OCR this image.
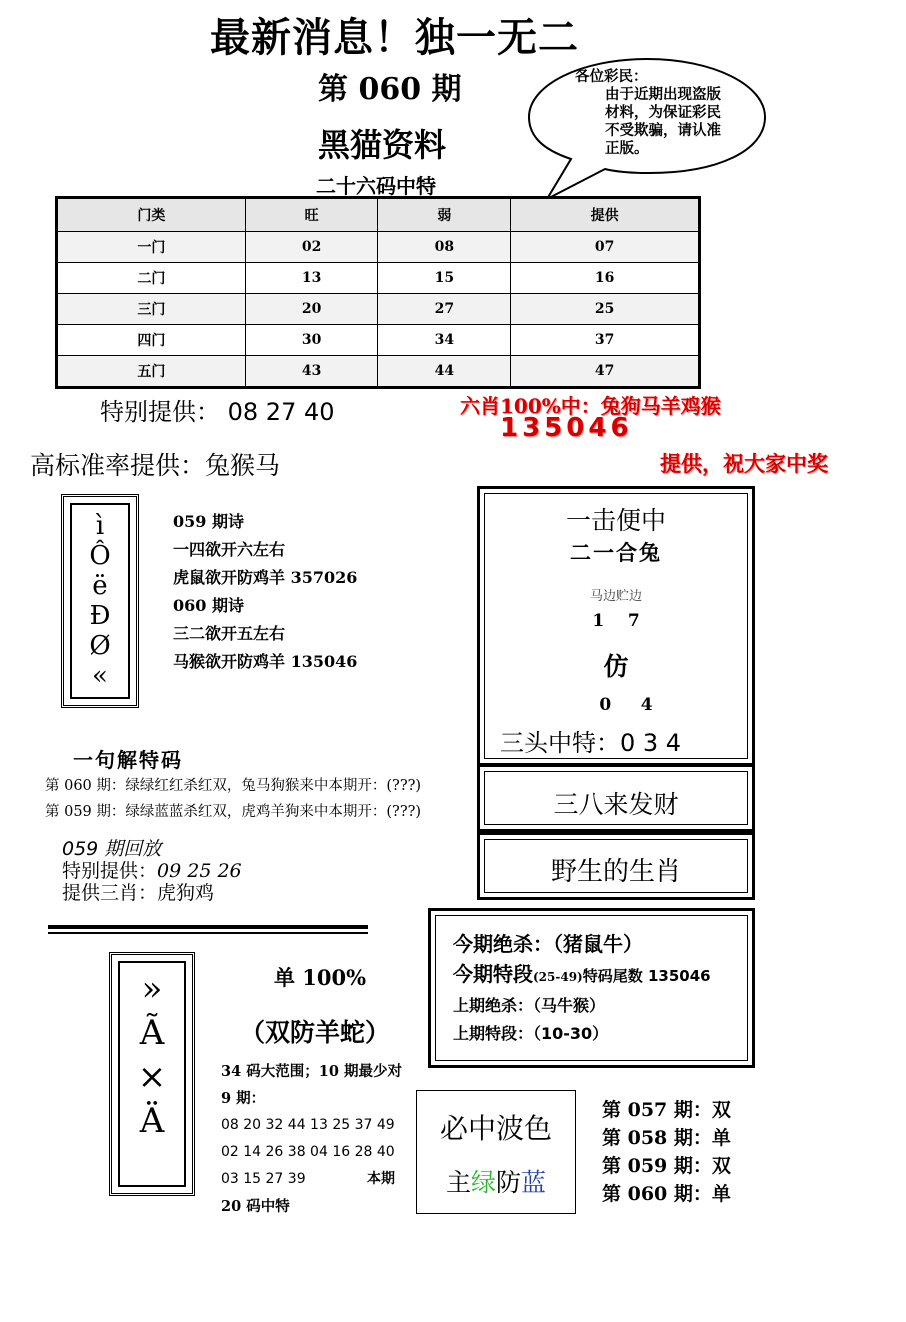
最新消息！独一无二
第 060 期
黑猫资料
二十六码中特
各位彩民：
由于近期出现盗版材料，为保证彩民不受欺骗，请认准正版。
门类	旺	弱	提供
一门	02	08	07
二门	13	15	16
三门	20	27	25
四门	30	34	37
五门	43	44	47
特别提供： 08 27 40	六肖100%中：兔狗马羊鸡猴
135046
高标准率提供：兔猴马	提供，祝大家中奖
ì
Ô
ë
Ð
Ø
«
059 期诗
一四欲开六左右
虎鼠欲开防鸡羊 357026
060 期诗
三二欲开五左右
马猴欲开防鸡羊 135046
一击便中
二一合兔
马边贮边
1    7
仿
0     4
三头中特：0 3 4
三八来发财
野生的生肖
一句解特码
第 060 期：绿绿红红杀红双，兔马狗猴来中本期开：(???)
第 059 期：绿绿蓝蓝杀红双，虎鸡羊狗来中本期开：(???)
059 期回放
特别提供：09 25 26
提供三肖：虎狗鸡
今期绝杀：（猪鼠牛）
今期特段(25-49)特码尾数 135046
上期绝杀：（马牛猴）
上期特段：（10-30）
»
Ã
×
Ä
单 100%
（双防羊蛇）
34 码大范围；10 期最少对
9 期：
08 20 32 44 13 25 37 49
02 14 26 38 04 16 28 40
03 15 27 39	本期
20 码中特
必中波色
主绿防蓝
第 057 期：双
第 058 期：单
第 059 期：双
第 060 期：单
